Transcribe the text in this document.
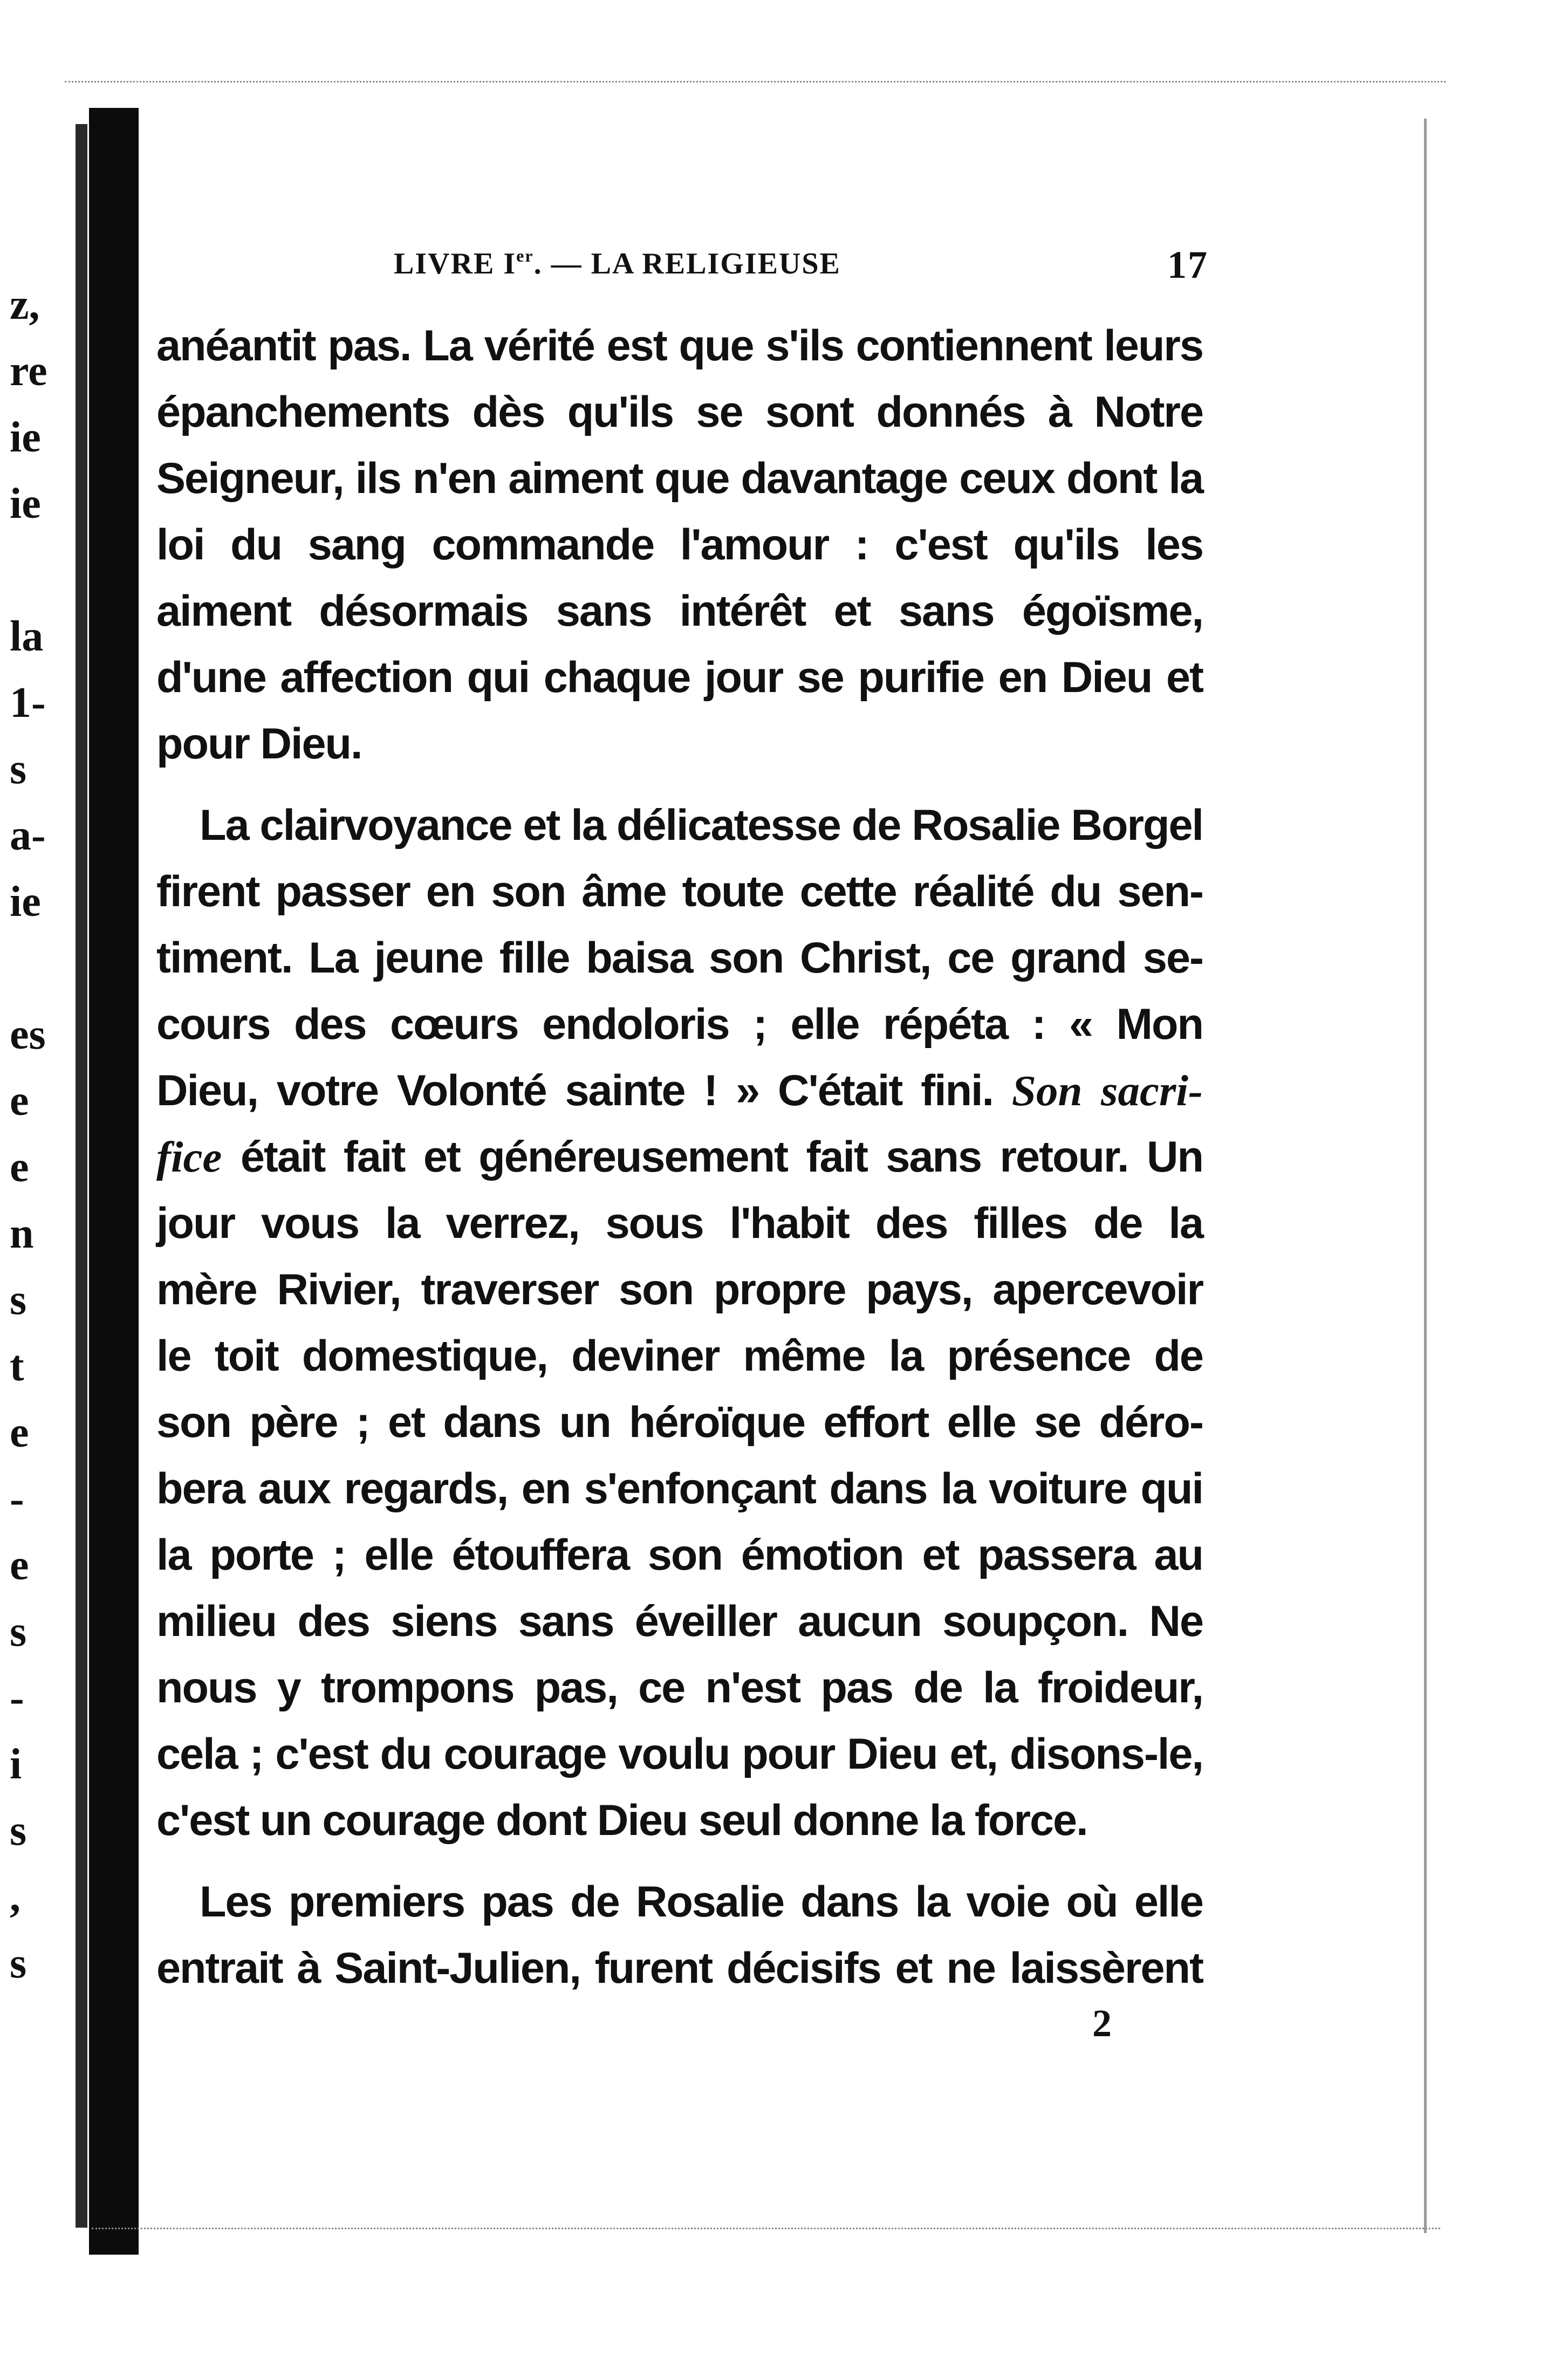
z,
re
ie
ie
la
1-
s
a-
ie
es
e
e
n
s
t
e
-
e
s
-
i
s
,
s
LIVRE Ier. — LA RELIGIEUSE	17
anéantit pas. La vérité est que s'ils contiennent leurs
épanchements dès qu'ils se sont donnés à Notre
Seigneur, ils n'en aiment que davantage ceux dont la
loi du sang commande l'amour : c'est qu'ils les
aiment désormais sans intérêt et sans égoïsme,
d'une affection qui chaque jour se purifie en Dieu et
pour Dieu.
La clairvoyance et la délicatesse de Rosalie Borgel
firent passer en son âme toute cette réalité du sen-
timent. La jeune fille baisa son Christ, ce grand se-
cours des cœurs endoloris ; elle répéta : « Mon
Dieu, votre Volonté sainte ! » C'était fini. Son sacri-
fice était fait et généreusement fait sans retour. Un
jour vous la verrez, sous l'habit des filles de la
mère Rivier, traverser son propre pays, apercevoir
le toit domestique, deviner même la présence de
son père ; et dans un héroïque effort elle se déro-
bera aux regards, en s'enfonçant dans la voiture qui
la porte ; elle étouffera son émotion et passera au
milieu des siens sans éveiller aucun soupçon. Ne
nous y trompons pas, ce n'est pas de la froideur,
cela ; c'est du courage voulu pour Dieu et, disons-le,
c'est un courage dont Dieu seul donne la force.
Les premiers pas de Rosalie dans la voie où elle
entrait à Saint-Julien, furent décisifs et ne laissèrent
2
